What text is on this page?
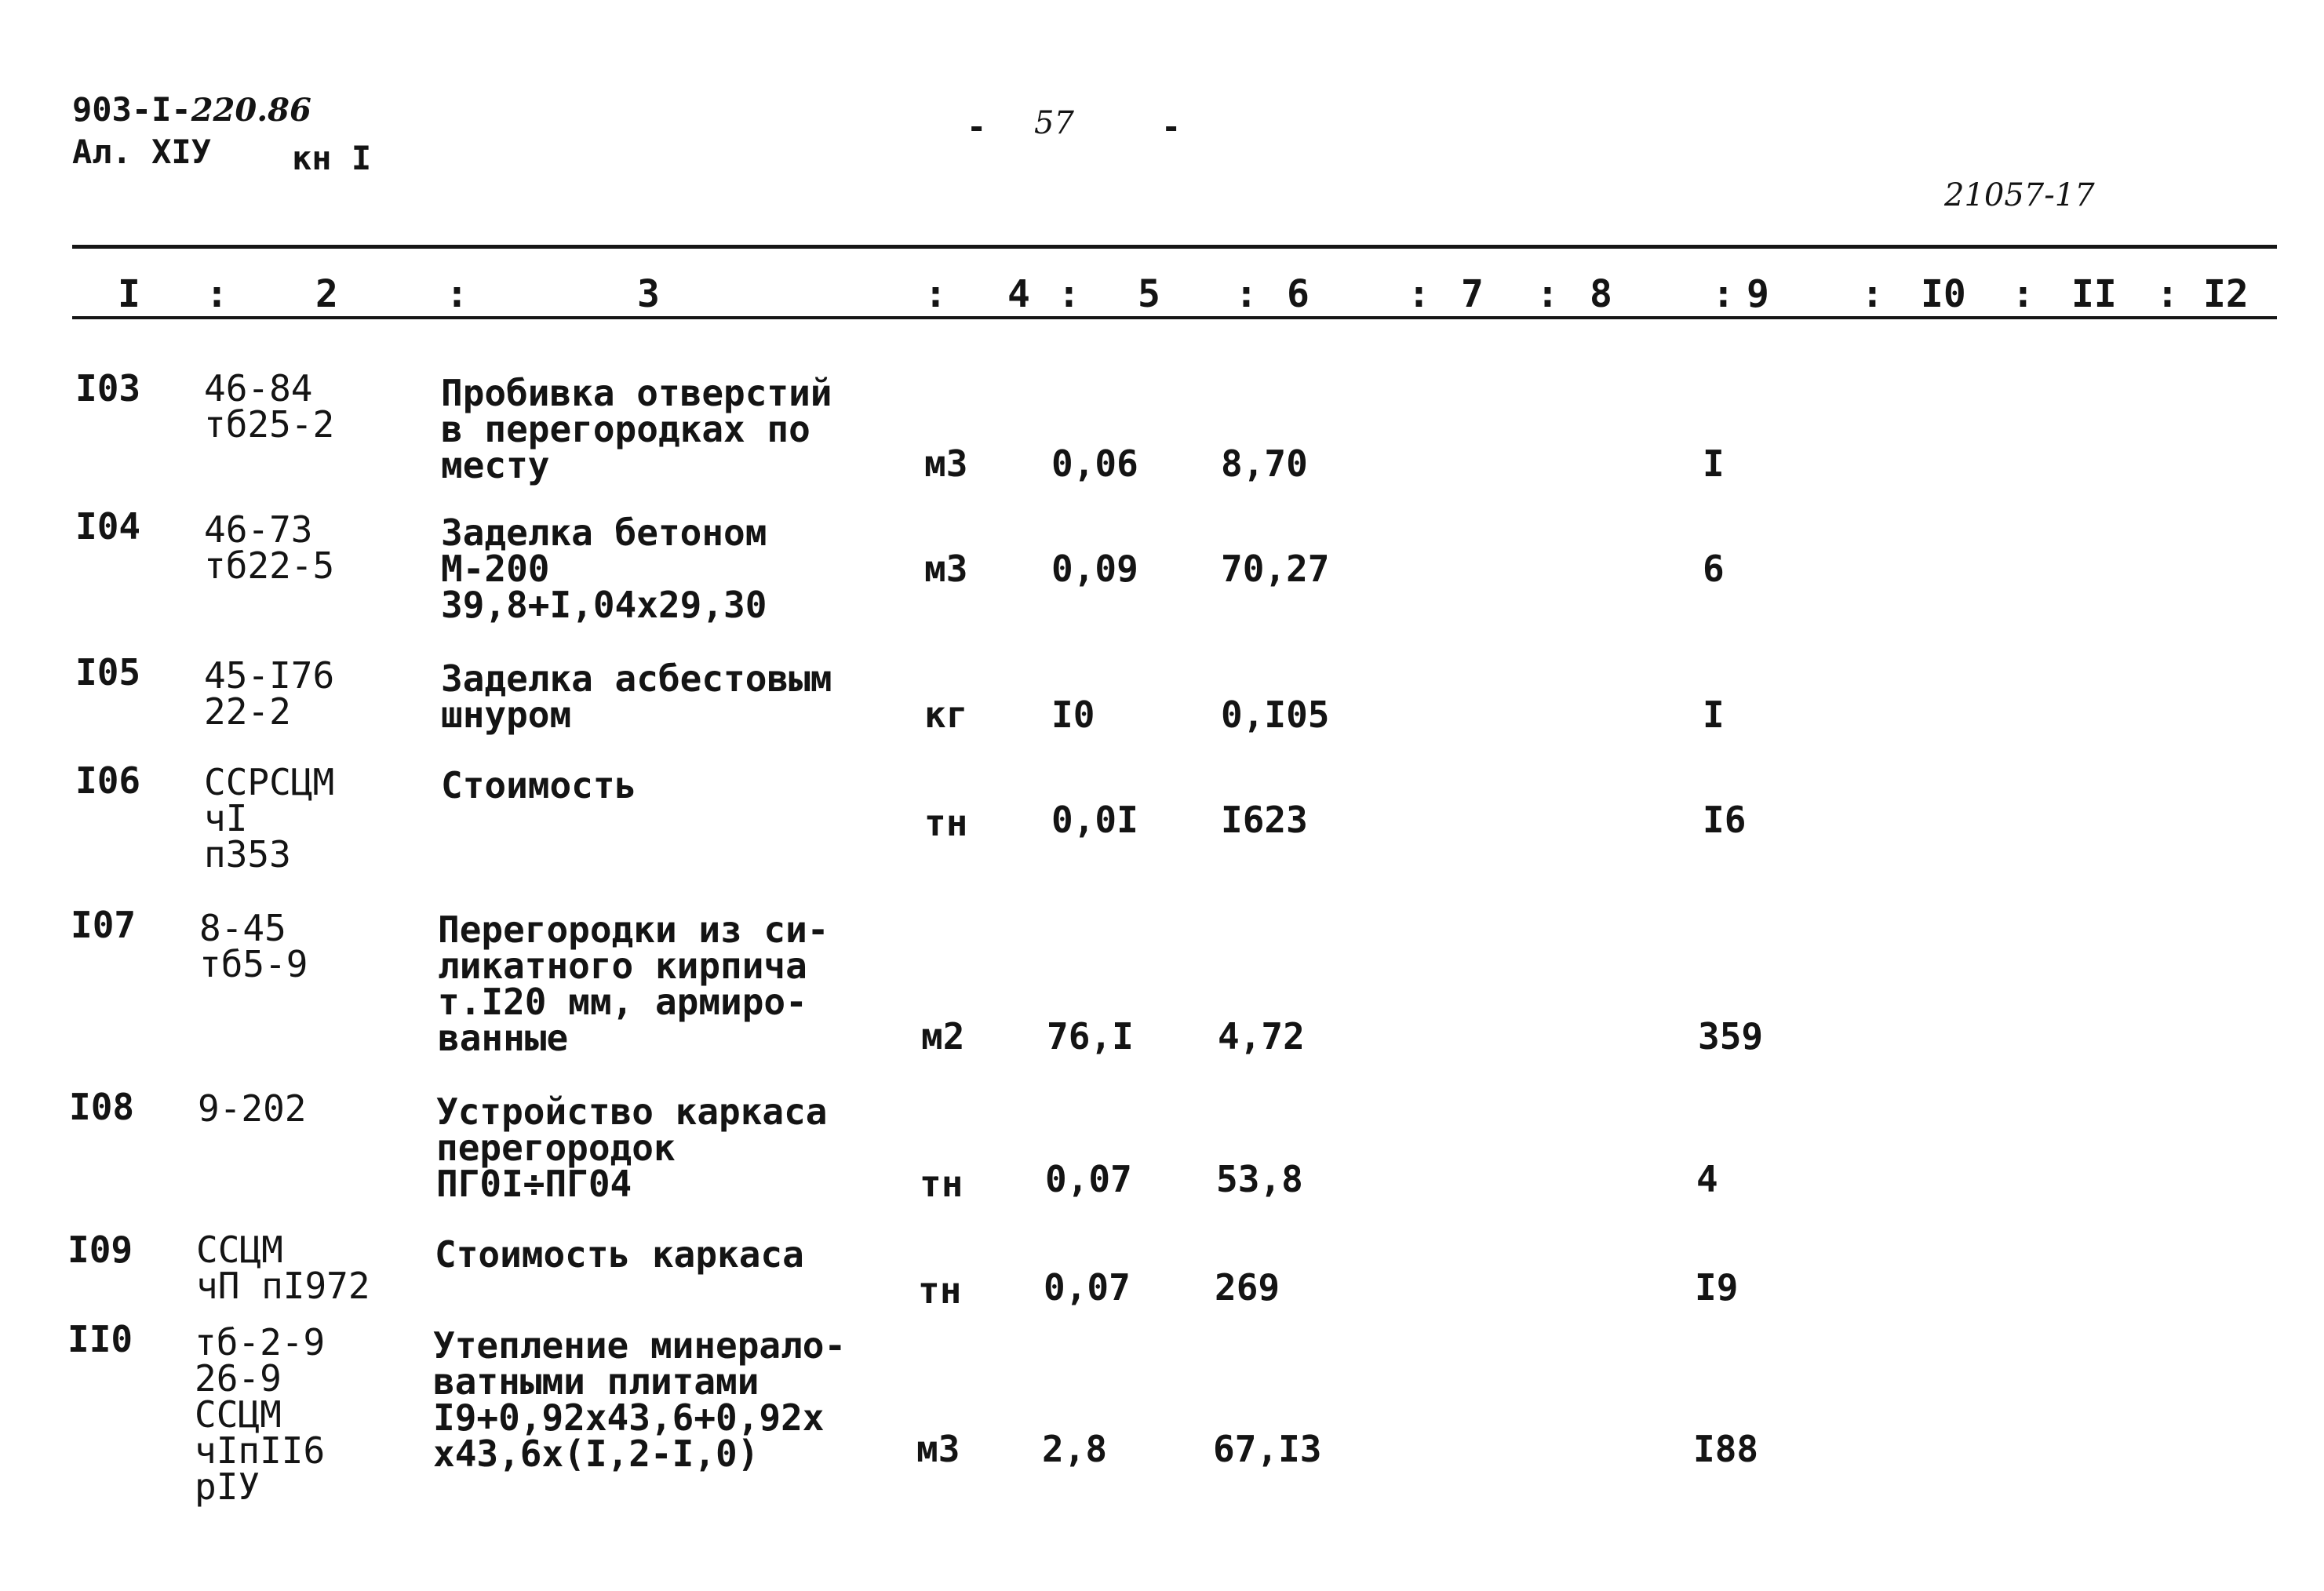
903-I-220.86
Ал. XIУ кн I
- 57	-
21057-17
I : 2	:	3	: 4 : 5 : 6	: 7 : 8	: 9 : I0 : II : I2
I03 46-84
тб25-2
Пробивка отверстий
в перегородках по
месту	м3 0,06 8,70	I
I04 46-73
тб22-5
Заделка бетоном
М-200
39,8+I,04x29,30
м3 0,09 70,27	6
I05 45-I76
22-2
Заделка асбестовым
шнуром	кг I0	0,I05	I
I06 ССРСЦМ
чI
п353
Стоимость
тн 0,0I I623	I6
I07 8-45
тб5-9
Перегородки из си-
ликатного кирпича
т.I20 мм, армиро-
ванные	м2 76,I 4,72	359
I08 9-202	Устройство каркаса
перегородок
ПГ0I÷ПГ04	тн 0,07 53,8	4
I09 ССЦМ
чП пI972
Стоимость каркаса
тн 0,07 269	I9
II0 тб-2-9
26-9
ССЦМ
чIпII6
рIУ
Утепление минерало-
ватными плитами
I9+0,92x43,6+0,92x
x43,6x(I,2-I,0)	м3 2,8	67,I3	I88
